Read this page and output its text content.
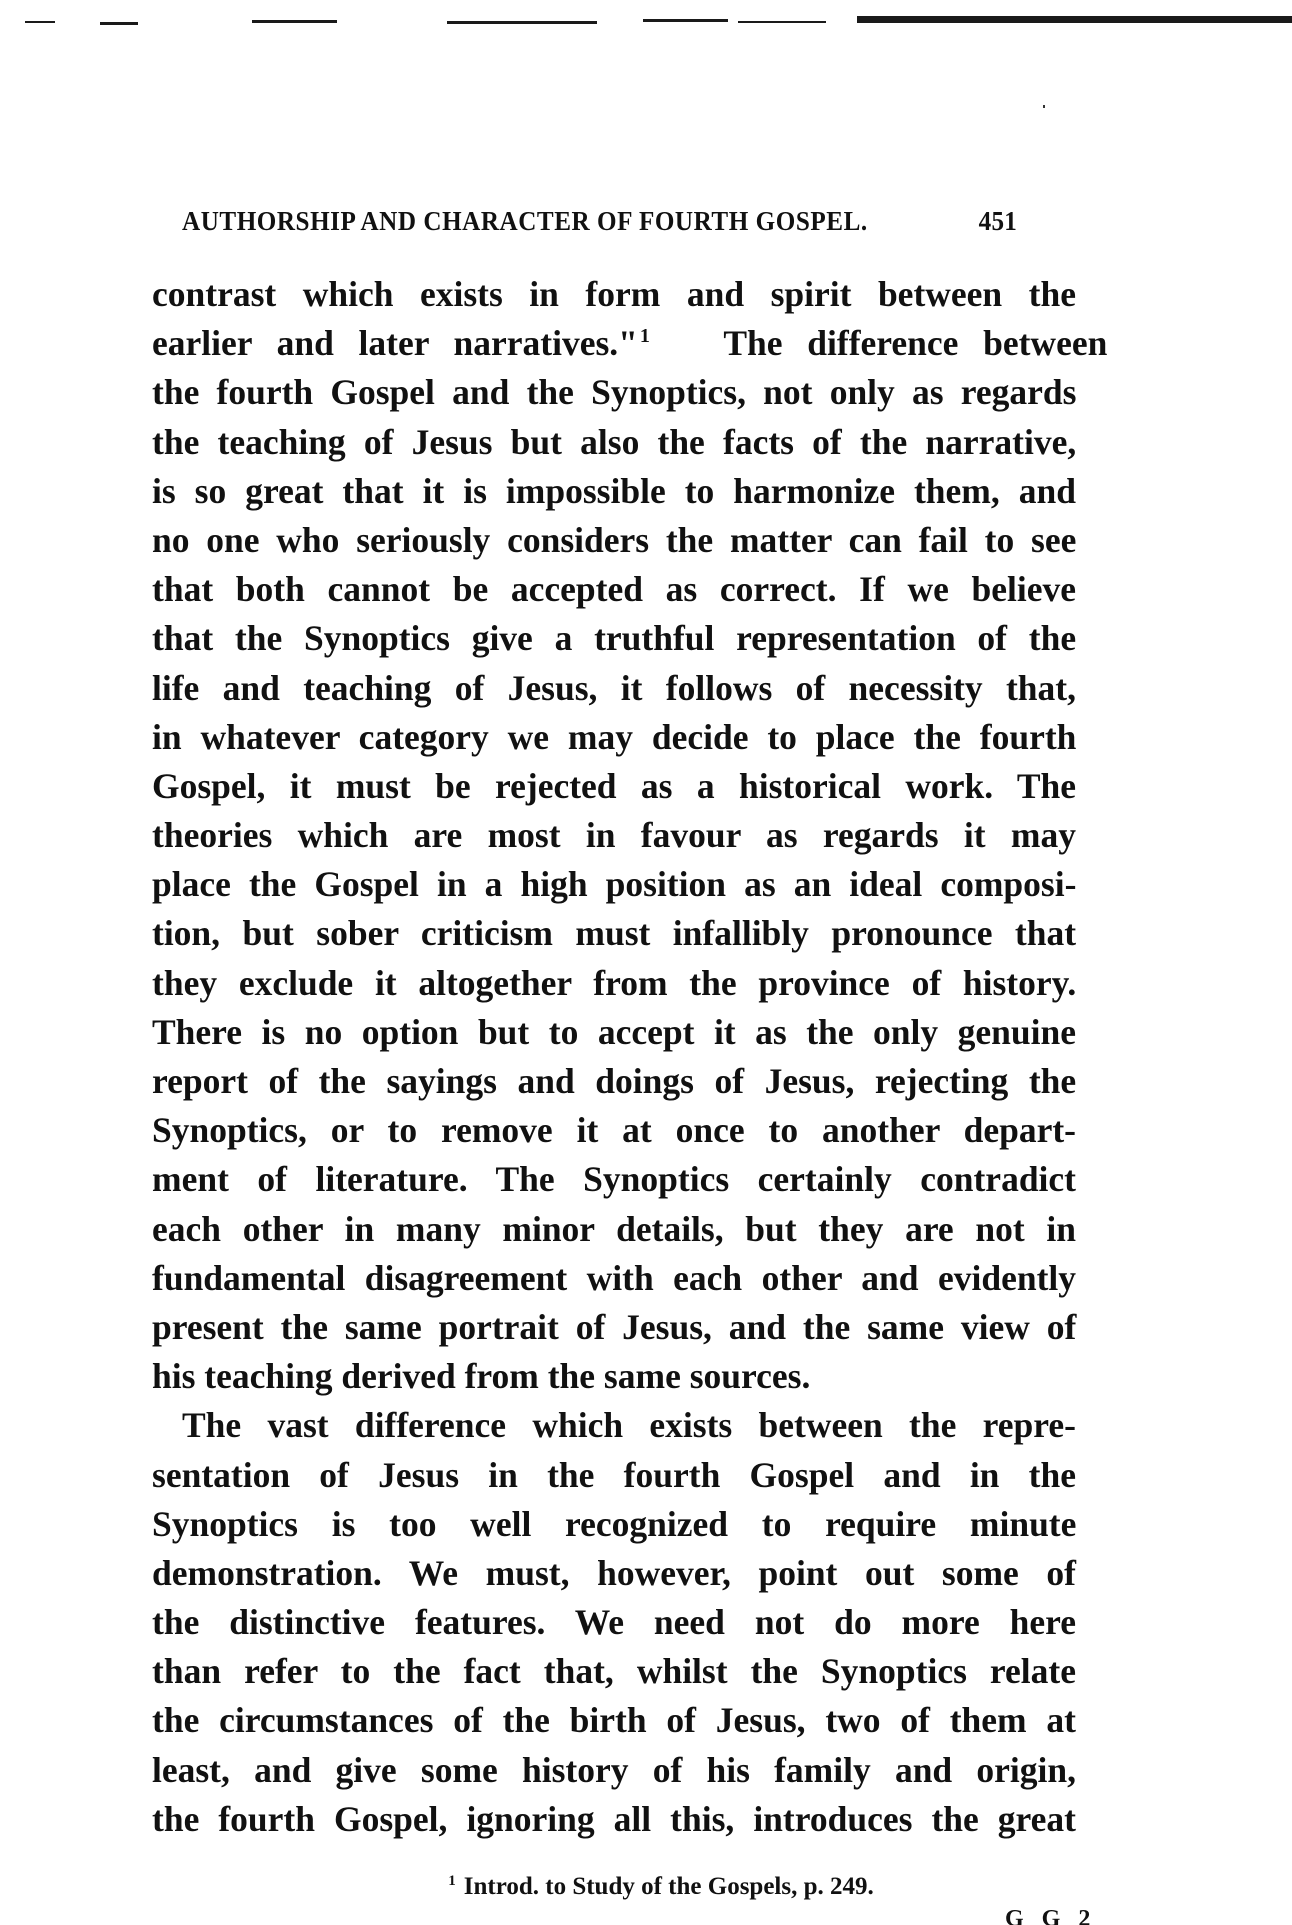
AUTHORSHIP AND CHARACTER OF FOURTH GOSPEL.	451
contrast which exists in form and spirit between the
earlier and later narratives." $^1$ The difference between
the fourth Gospel and the Synoptics, not only as regards
the teaching of Jesus but also the facts of the narrative,
is so great that it is impossible to harmonize them, and
no one who seriously considers the matter can fail to see
that both cannot be accepted as correct. If we believe
that the Synoptics give a truthful representation of the
life and teaching of Jesus, it follows of necessity that,
in whatever category we may decide to place the fourth
Gospel, it must be rejected as a historical work. The
theories which are most in favour as regards it may
place the Gospel in a high position as an ideal composi-
tion, but sober criticism must infallibly pronounce that
they exclude it altogether from the province of history.
There is no option but to accept it as the only genuine
report of the sayings and doings of Jesus, rejecting the
Synoptics, or to remove it at once to another depart-
ment of literature. The Synoptics certainly contradict
each other in many minor details, but they are not in
fundamental disagreement with each other and evidently
present the same portrait of Jesus, and the same view of
his teaching derived from the same sources.
The vast difference which exists between the repre-
sentation of Jesus in the fourth Gospel and in the
Synoptics is too well recognized to require minute
demonstration. We must, however, point out some of
the distinctive features. We need not do more here
than refer to the fact that, whilst the Synoptics relate
the circumstances of the birth of Jesus, two of them at
least, and give some history of his family and origin,
the fourth Gospel, ignoring all this, introduces the great
$^1$ Introd. to Study of the Gospels, p. 249.
G G 2
